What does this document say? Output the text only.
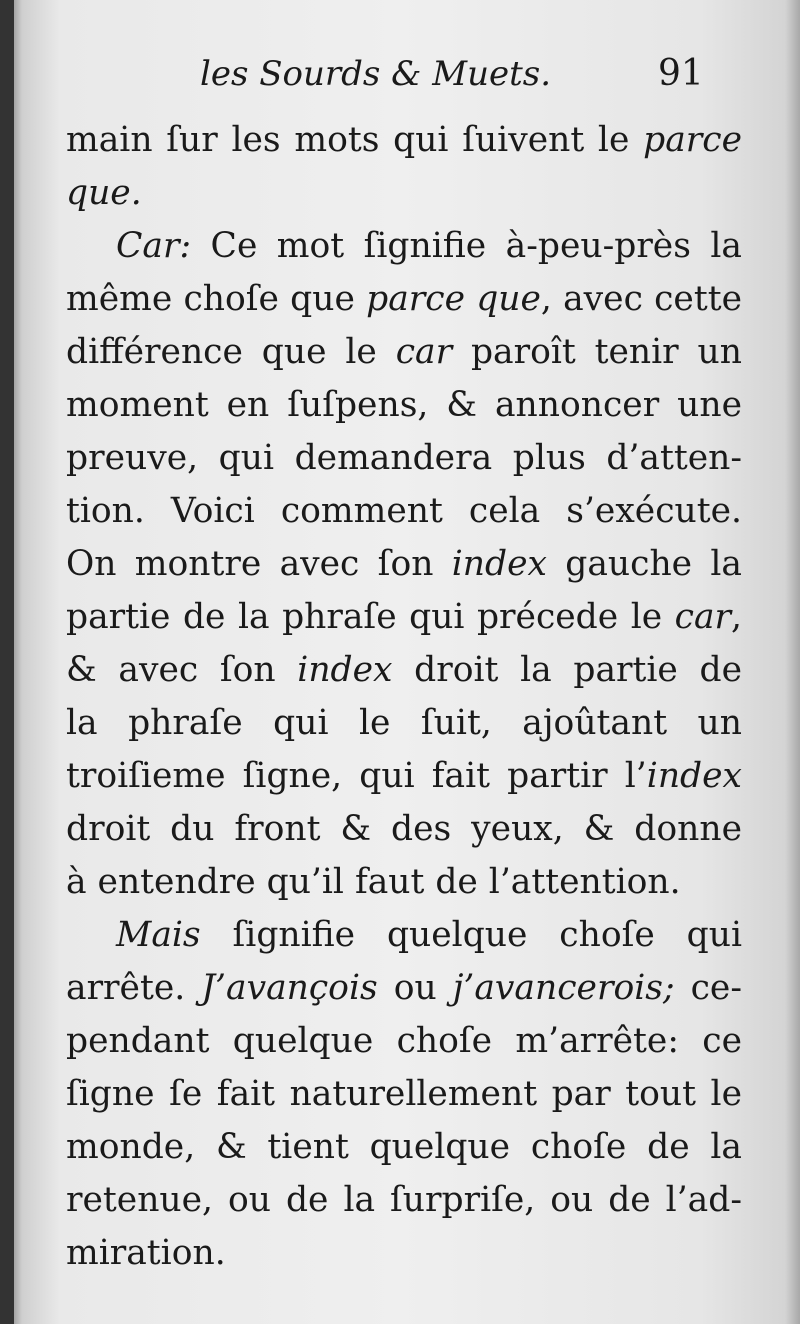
les Sourds & Muets.	91
main ſur les mots qui ſuivent le parce
que.
Car: Ce mot ſignifie à-peu-près la
même choſe que parce que, avec cette
différence que le car paroît tenir un
moment en ſuſpens, & annoncer une
preuve, qui demandera plus d’atten-
tion. Voici comment cela s’exécute.
On montre avec ſon index gauche la
partie de la phraſe qui précede le car,
& avec ſon index droit la partie de
la phraſe qui le ſuit, ajoûtant un
troiſieme ſigne, qui fait partir l’index
droit du front & des yeux, & donne
à entendre qu’il faut de l’attention.
Mais ſignifie quelque choſe qui
arrête. J’avançois ou j’avancerois; ce-
pendant quelque choſe m’arrête: ce
ſigne ſe fait naturellement par tout le
monde, & tient quelque choſe de la
retenue, ou de la ſurpriſe, ou de l’ad-
miration.
